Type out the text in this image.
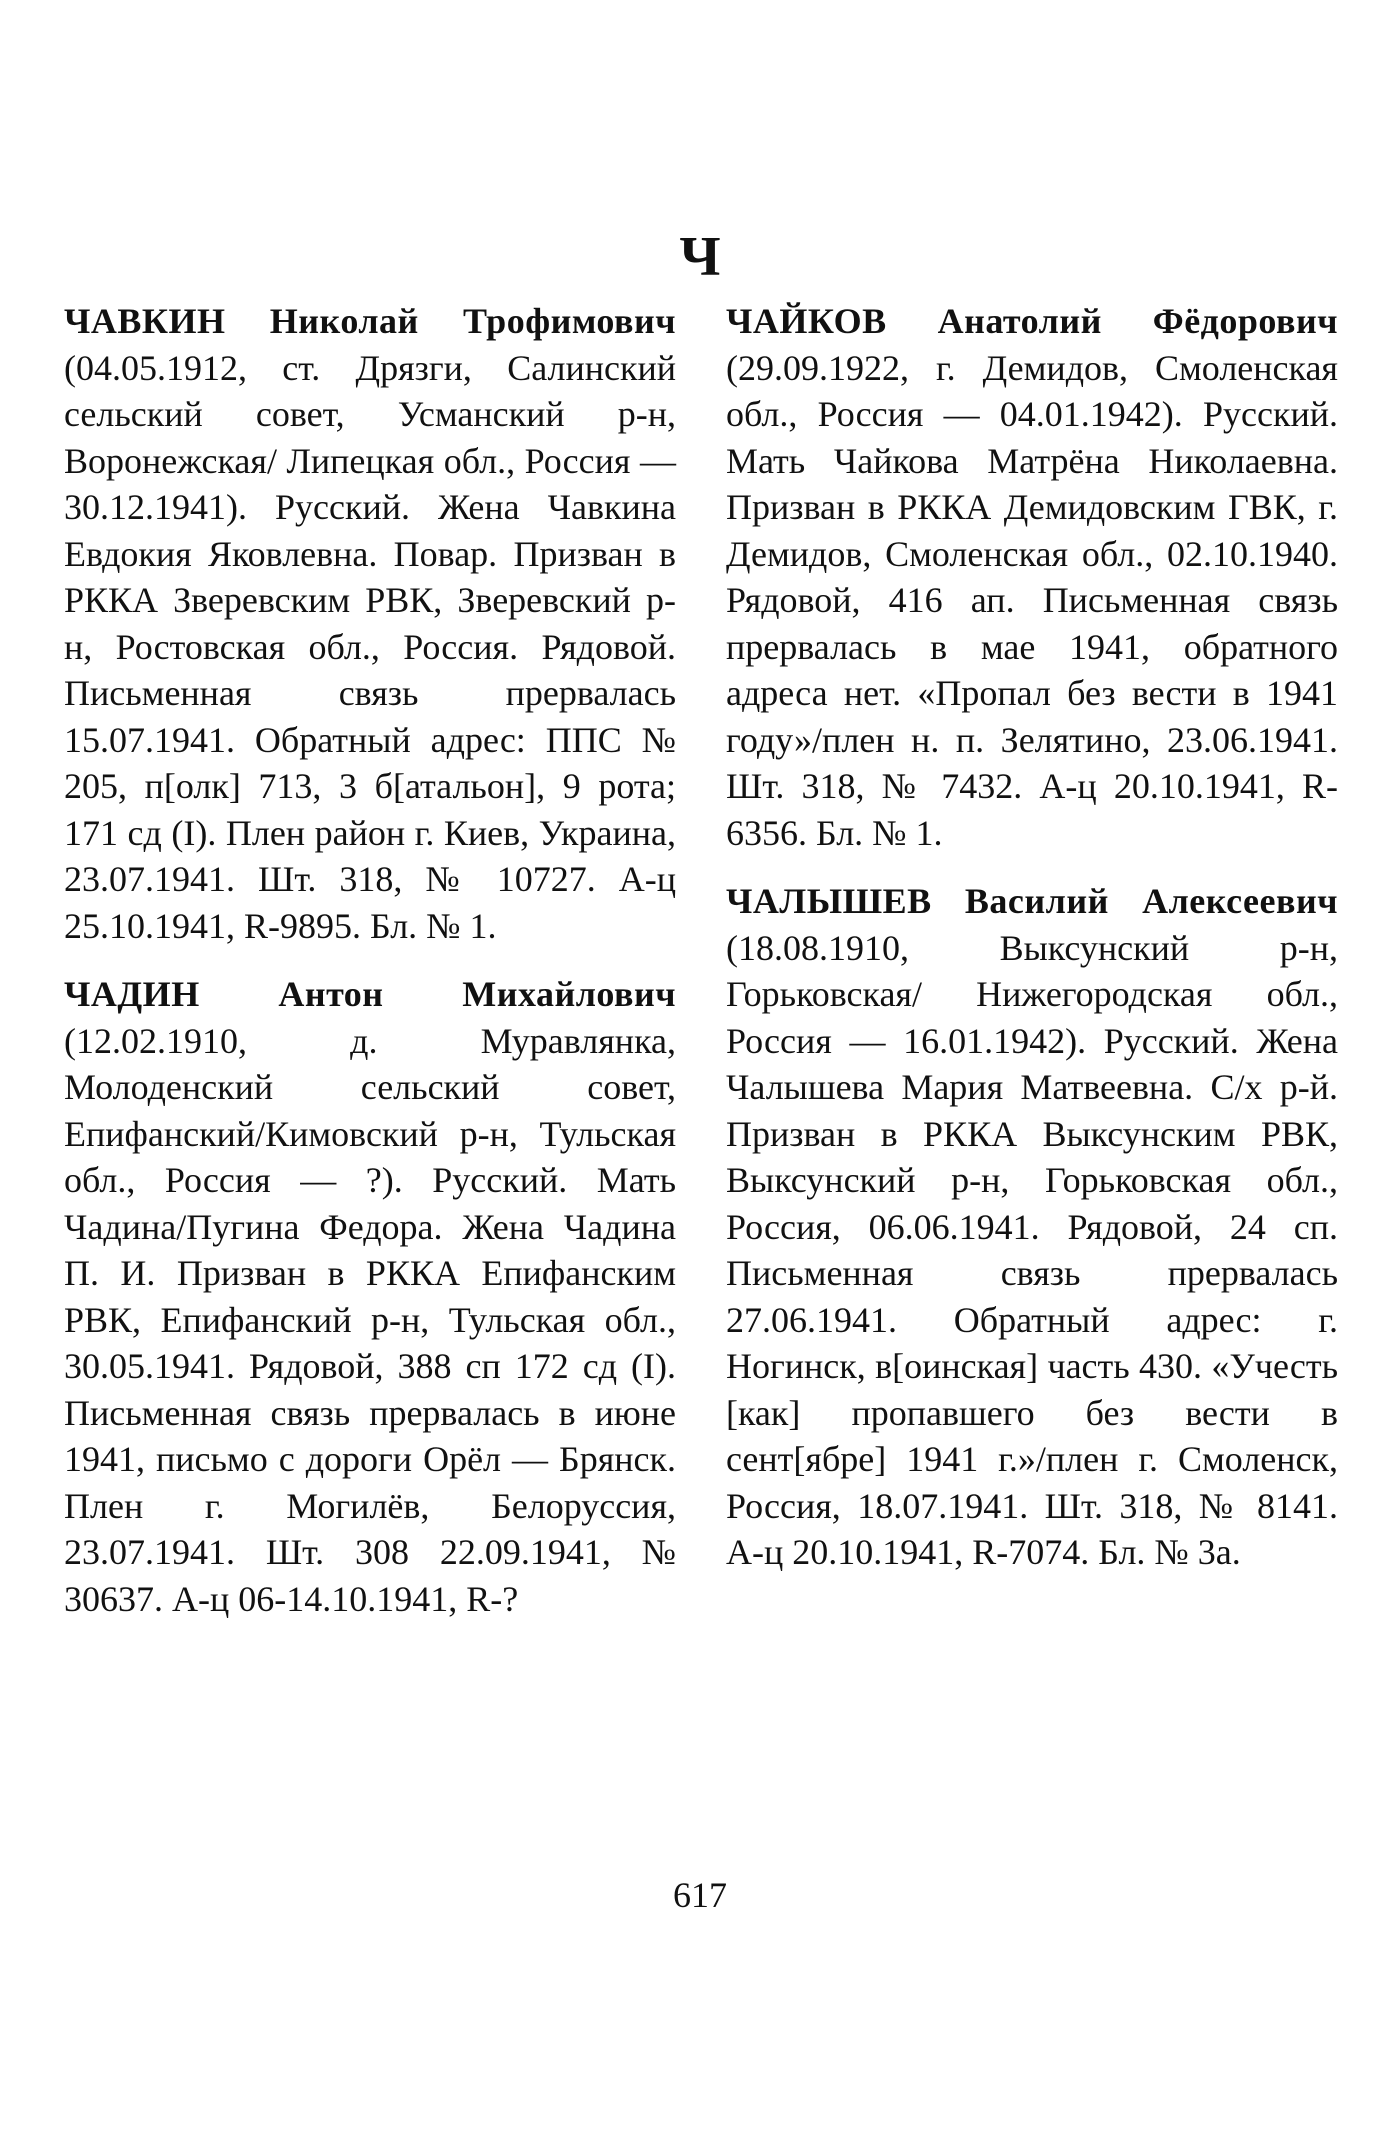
Ч

ЧАВКИН Николай Трофимович (04.05.1912, ст. Дрязги, Салинский сельский совет, Усманский р-н, Воронежская/ Липецкая обл., Россия — 30.12.1941). Русский. Жена Чавкина Евдокия Яковлевна. Повар. Призван в РККА Зверевским РВК, Зверевский р-н, Ростовская обл., Россия. Рядовой. Письменная связь прервалась 15.07.1941. Обратный адрес: ППС № 205, п[олк] 713, 3 б[атальон], 9 рота; 171 сд (I). Плен район г. Киев, Украина, 23.07.1941. Шт. 318, № 10727. А-ц 25.10.1941, R-9895. Бл. № 1.

ЧАДИН Антон Михайлович (12.02.1910, д. Муравлянка, Молоденский сельский совет, Епифанский/Кимовский р-н, Тульская обл., Россия — ?). Русский. Мать Чадина/Пугина Федора. Жена Чадина П. И. Призван в РККА Епифанским РВК, Епифанский р-н, Тульская обл., 30.05.1941. Рядовой, 388 сп 172 сд (I). Письменная связь прервалась в июне 1941, письмо с дороги Орёл — Брянск. Плен г. Могилёв, Белоруссия, 23.07.1941. Шт. 308 22.09.1941, № 30637. А-ц 06-14.10.1941, R-?

ЧАЙКОВ Анатолий Фёдорович (29.09.1922, г. Демидов, Смоленская обл., Россия — 04.01.1942). Русский. Мать Чайкова Матрёна Николаевна. Призван в РККА Демидовским ГВК, г. Демидов, Смоленская обл., 02.10.1940. Рядовой, 416 ап. Письменная связь прервалась в мае 1941, обратного адреса нет. «Пропал без вести в 1941 году»/плен н. п. Зелятино, 23.06.1941. Шт. 318, № 7432. А-ц 20.10.1941, R-6356. Бл. № 1.

ЧАЛЫШЕВ Василий Алексеевич (18.08.1910, Выксунский р-н, Горьковская/ Нижегородская обл., Россия — 16.01.1942). Русский. Жена Чалышева Мария Матвеевна. С/х р-й. Призван в РККА Выксунским РВК, Выксунский р-н, Горьковская обл., Россия, 06.06.1941. Рядовой, 24 сп. Письменная связь прервалась 27.06.1941. Обратный адрес: г. Ногинск, в[оинская] часть 430. «Учесть [как] пропавшего без вести в сент[ябре] 1941 г.»/плен г. Смоленск, Россия, 18.07.1941. Шт. 318, № 8141. А-ц 20.10.1941, R-7074. Бл. № 3а.

617
